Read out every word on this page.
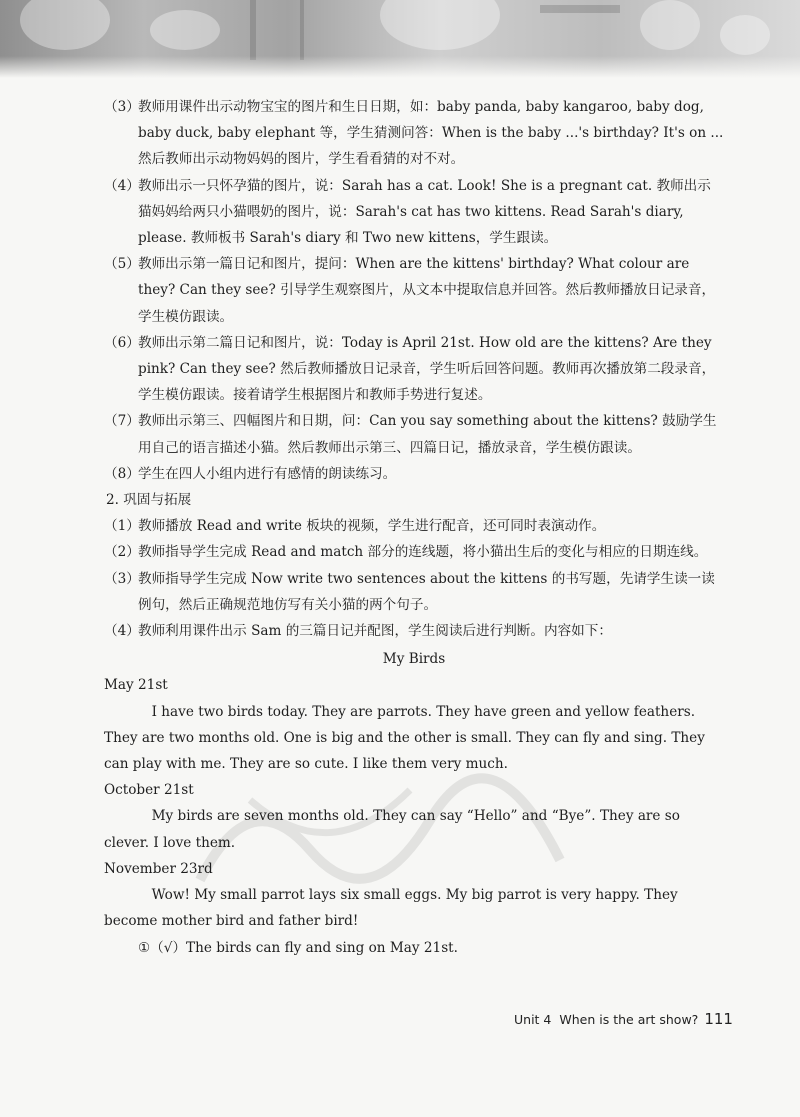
（3）
教师用课件出示动物宝宝的图片和生日日期，如：baby panda, baby kangaroo, baby dog, baby duck, baby elephant 等，学生猜测问答：When is the baby ...'s birthday? It's on ... 然后教师出示动物妈妈的图片，学生看看猜的对不对。
（4）
教师出示一只怀孕猫的图片，说：Sarah has a cat. Look! She is a pregnant cat. 教师出示猫妈妈给两只小猫喂奶的图片，说：Sarah's cat has two kittens. Read Sarah's diary, please. 教师板书 Sarah's diary 和 Two new kittens，学生跟读。
（5）
教师出示第一篇日记和图片，提问：When are the kittens' birthday? What colour are they? Can they see? 引导学生观察图片，从文本中提取信息并回答。然后教师播放日记录音，学生模仿跟读。
（6）
教师出示第二篇日记和图片，说：Today is April 21st. How old are the kittens? Are they pink? Can they see? 然后教师播放日记录音，学生听后回答问题。教师再次播放第二段录音，学生模仿跟读。接着请学生根据图片和教师手势进行复述。
（7）
教师出示第三、四幅图片和日期，问：Can you say something about the kittens? 鼓励学生用自己的语言描述小猫。然后教师出示第三、四篇日记，播放录音，学生模仿跟读。
（8）
学生在四人小组内进行有感情的朗读练习。
2. 巩固与拓展
（1）
教师播放 Read and write 板块的视频，学生进行配音，还可同时表演动作。
（2）
教师指导学生完成 Read and match 部分的连线题，将小猫出生后的变化与相应的日期连线。
（3）
教师指导学生完成 Now write two sentences about the kittens 的书写题，先请学生读一读例句，然后正确规范地仿写有关小猫的两个句子。
（4）
教师利用课件出示 Sam 的三篇日记并配图，学生阅读后进行判断。内容如下：
My Birds
May 21st
I have two birds today. They are parrots. They have green and yellow feathers. They are two months old. One is big and the other is small. They can fly and sing. They can play with me. They are so cute. I like them very much.
October 21st
My birds are seven months old. They can say “Hello” and “Bye”. They are so clever. I love them.
November 23rd
Wow! My small parrot lays six small eggs. My big parrot is very happy. They become mother bird and father bird!
①（√）The birds can fly and sing on May 21st.
Unit 4 When is the art show? 111
